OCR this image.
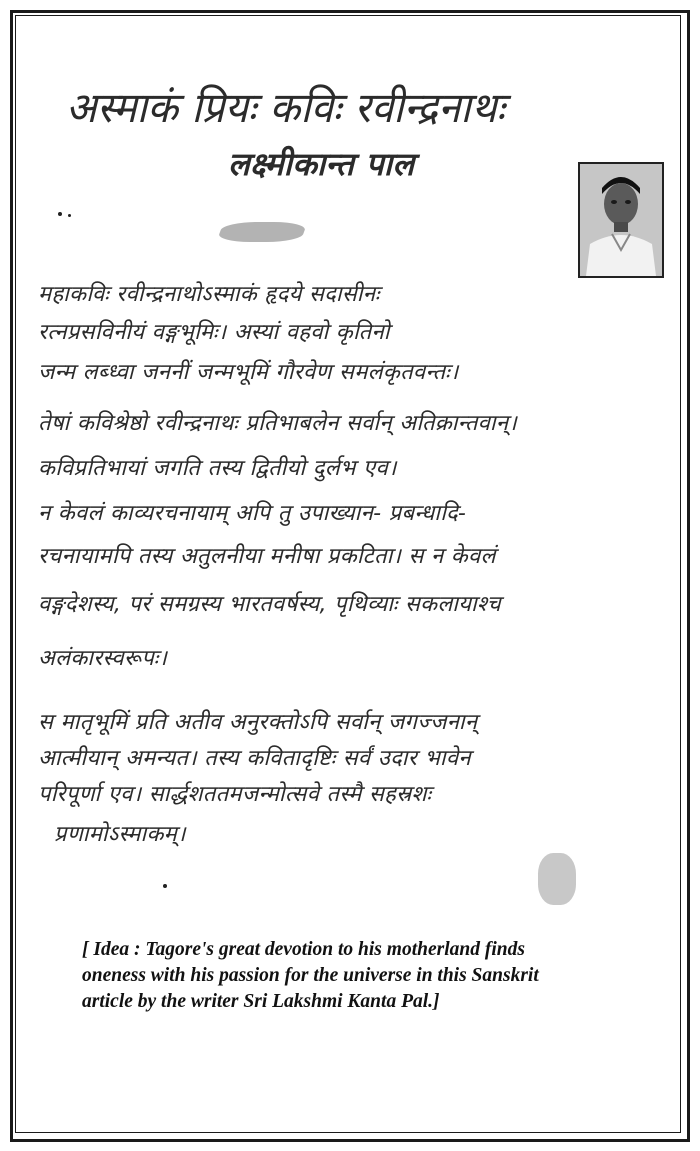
अस्माकं प्रियः कविः रवीन्द्रनाथः
लक्ष्मीकान्त पाल
महाकविः रवीन्द्रनाथोऽस्माकं हृदये सदासीनः
रत्नप्रसविनीयं वङ्गभूमिः। अस्यां वहवो कृतिनो
जन्म लब्ध्वा जननीं जन्मभूमिं गौरवेण समलंकृतवन्तः।
तेषां कविश्रेष्ठो रवीन्द्रनाथः प्रतिभाबलेन सर्वान् अतिक्रान्तवान्।
कविप्रतिभायां जगति तस्य द्वितीयो दुर्लभ एव।
न केवलं काव्यरचनायाम् अपि तु उपाख्यान- प्रबन्धादि-
रचनायामपि तस्य अतुलनीया मनीषा प्रकटिता। स न केवलं
वङ्गदेशस्य, परं समग्रस्य भारतवर्षस्य, पृथिव्याः सकलायाश्च
अलंकारस्वरूपः।
स मातृभूमिं प्रति अतीव अनुरक्तोऽपि सर्वान् जगज्जनान्
आत्मीयान् अमन्यत। तस्य कवितादृष्टिः सर्वं उदार भावेन
परिपूर्णा एव। सार्द्धशततमजन्मोत्सवे तस्मै सहस्रशः
प्रणामोऽस्माकम्।
[ Idea : Tagore's great devotion to his motherland finds
oneness with his passion for the universe in this Sanskrit
article by the writer Sri Lakshmi Kanta Pal.]
